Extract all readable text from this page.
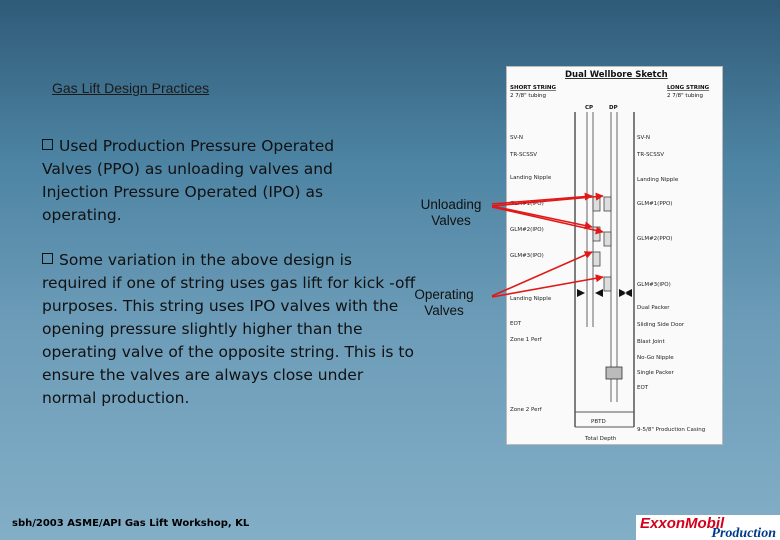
Gas Lift Design Practices
Used Production Pressure Operated Valves (PPO) as unloading valves and Injection Pressure Operated (IPO) as operating.
Some variation in the above design is required if one of string uses gas lift for kick -off purposes. This string uses IPO valves with the opening pressure slightly higher than the operating valve of the opposite string. This is to ensure the valves are always close under normal production.
Unloading
Valves
Operating
Valves
Dual Wellbore Sketch
SHORT STRING
2 7/8" tubing
LONG STRING
2 7/8" tubing
CP	DP
SV-N
TR-SCSSV
Landing Nipple
GLM#1(IPO)
GLM#2(IPO)
GLM#3(IPO)
Landing Nipple
EOT
Zone 1 Perf
Zone 2 Perf
SV-N
TR-SCSSV
Landing Nipple
GLM#1(PPO)
GLM#2(PPO)
GLM#3(IPO)
Dual Packer
Sliding Side Door
Blast Joint
No-Go Nipple
Single Packer
EOT
9-5/8" Production Casing
PBTD
Total Depth
sbh/2003 ASME/API Gas Lift Workshop, KL	ExxonMobil
Production
